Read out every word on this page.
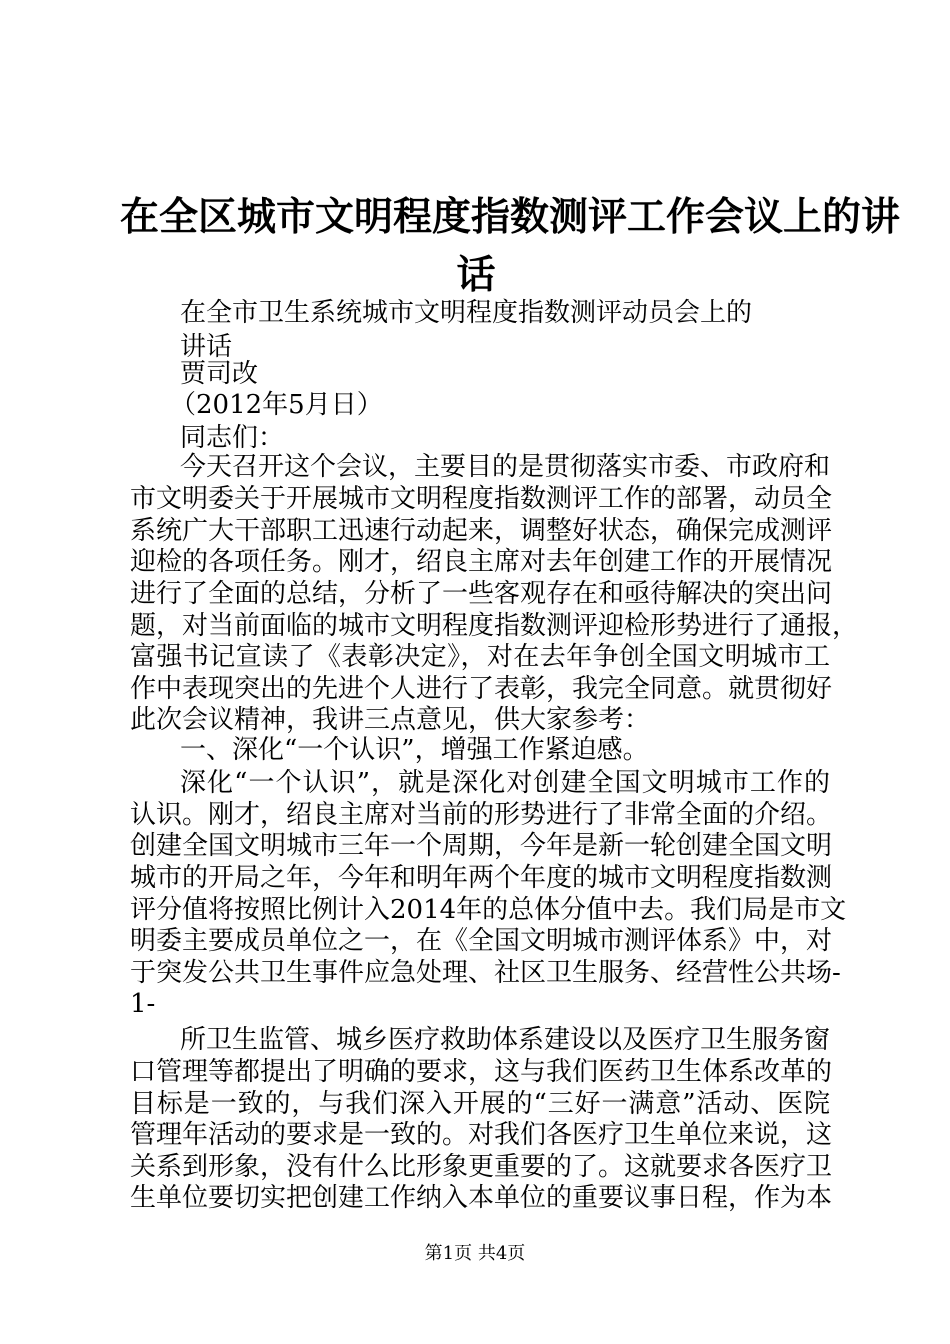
在全区城市文明程度指数测评工作会议上的讲
话
在全市卫生系统城市文明程度指数测评动员会上的
讲话
贾司改
（2012年5月日）
同志们：
今天召开这个会议，主要目的是贯彻落实市委、市政府和
市文明委关于开展城市文明程度指数测评工作的部署，动员全
系统广大干部职工迅速行动起来，调整好状态，确保完成测评
迎检的各项任务。刚才，绍良主席对去年创建工作的开展情况
进行了全面的总结，分析了一些客观存在和亟待解决的突出问
题，对当前面临的城市文明程度指数测评迎检形势进行了通报，
富强书记宣读了《表彰决定》，对在去年争创全国文明城市工
作中表现突出的先进个人进行了表彰，我完全同意。就贯彻好
此次会议精神，我讲三点意见，供大家参考：
一、深化“一个认识”，增强工作紧迫感。
深化“一个认识”，就是深化对创建全国文明城市工作的
认识。刚才，绍良主席对当前的形势进行了非常全面的介绍。
创建全国文明城市三年一个周期，今年是新一轮创建全国文明
城市的开局之年，今年和明年两个年度的城市文明程度指数测
评分值将按照比例计入2014年的总体分值中去。我们局是市文
明委主要成员单位之一，在《全国文明城市测评体系》中，对
于突发公共卫生事件应急处理、社区卫生服务、经营性公共场-
1-
所卫生监管、城乡医疗救助体系建设以及医疗卫生服务窗
口管理等都提出了明确的要求，这与我们医药卫生体系改革的
目标是一致的，与我们深入开展的“三好一满意”活动、医院
管理年活动的要求是一致的。对我们各医疗卫生单位来说，这
关系到形象，没有什么比形象更重要的了。这就要求各医疗卫
生单位要切实把创建工作纳入本单位的重要议事日程，作为本
第1页 共4页
